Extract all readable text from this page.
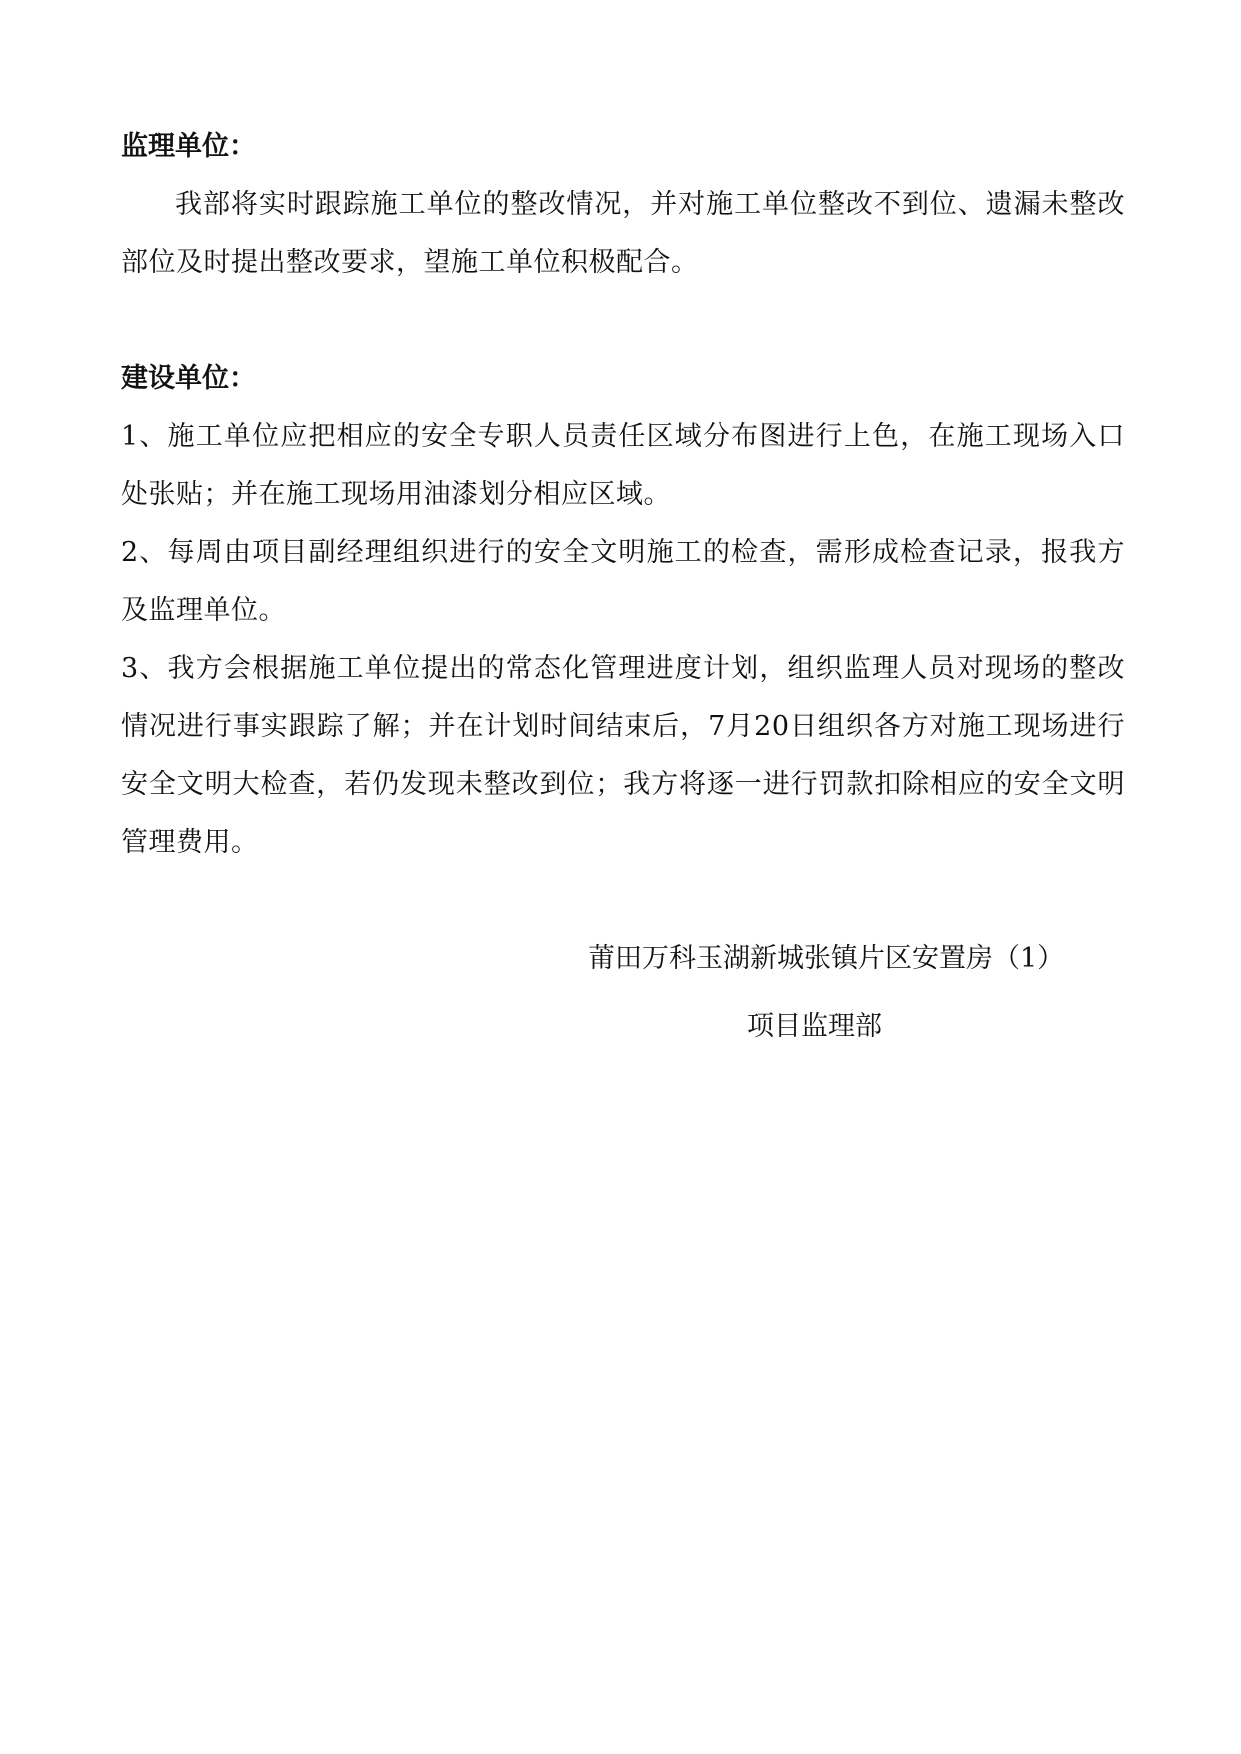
监理单位：

我部将实时跟踪施工单位的整改情况，并对施工单位整改不到位、遗漏未整改部位及时提出整改要求，望施工单位积极配合。

建设单位：

1、施工单位应把相应的安全专职人员责任区域分布图进行上色，在施工现场入口处张贴；并在施工现场用油漆划分相应区域。

2、每周由项目副经理组织进行的安全文明施工的检查，需形成检查记录，报我方及监理单位。

3、我方会根据施工单位提出的常态化管理进度计划，组织监理人员对现场的整改情况进行事实跟踪了解；并在计划时间结束后，7月20日组织各方对施工现场进行安全文明大检查，若仍发现未整改到位；我方将逐一进行罚款扣除相应的安全文明管理费用。

莆田万科玉湖新城张镇片区安置房（1）

项目监理部
